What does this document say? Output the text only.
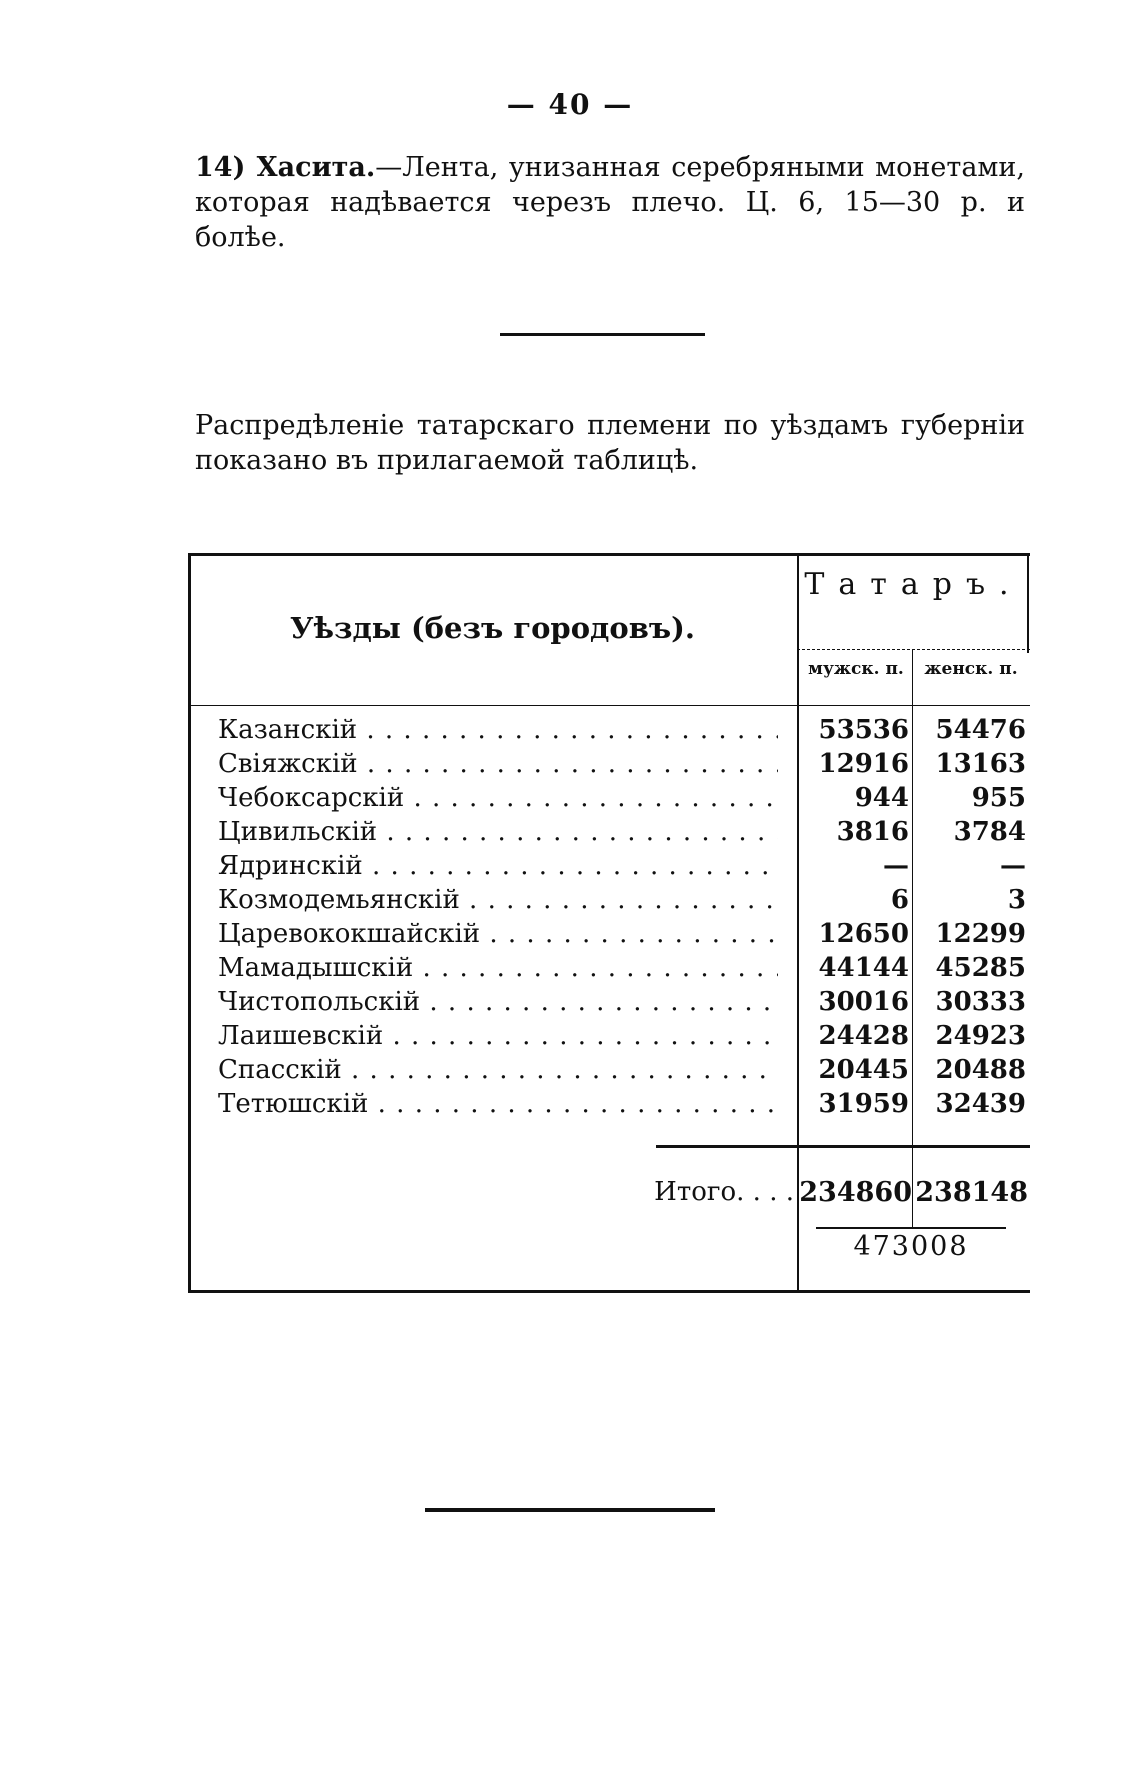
— 40 —
14) Хасита.—Лента, унизанная серебряными монетами, которая надѣвается черезъ плечо. Ц. 6, 15—30 р. и болѣе.
Распредѣленіе татарскаго племени по уѣздамъ губерніи показано въ прилагаемой таблицѣ.
Уѣзды (безъ городовъ).
Татаръ.
мужск. п.	женск. п.
Казанскій . . .	53536	54476
Свіяжскій . . .	12916	13163
Чебоксарскій . . .	944	955
Цивильскій . . .	3816	3784
Ядринскій . . .	—	—
Козмодемьянскій . . .	6	3
Царевококшайскій . . .	12650	12299
Мамадышскій . . .	44144	45285
Чистопольскій . . .	30016	30333
Лаишевскій . . .	24428	24923
Спасскій . . .	20445	20488
Тетюшскій . . .	31959	32439
Итого. . . . 234860 238148
473008
